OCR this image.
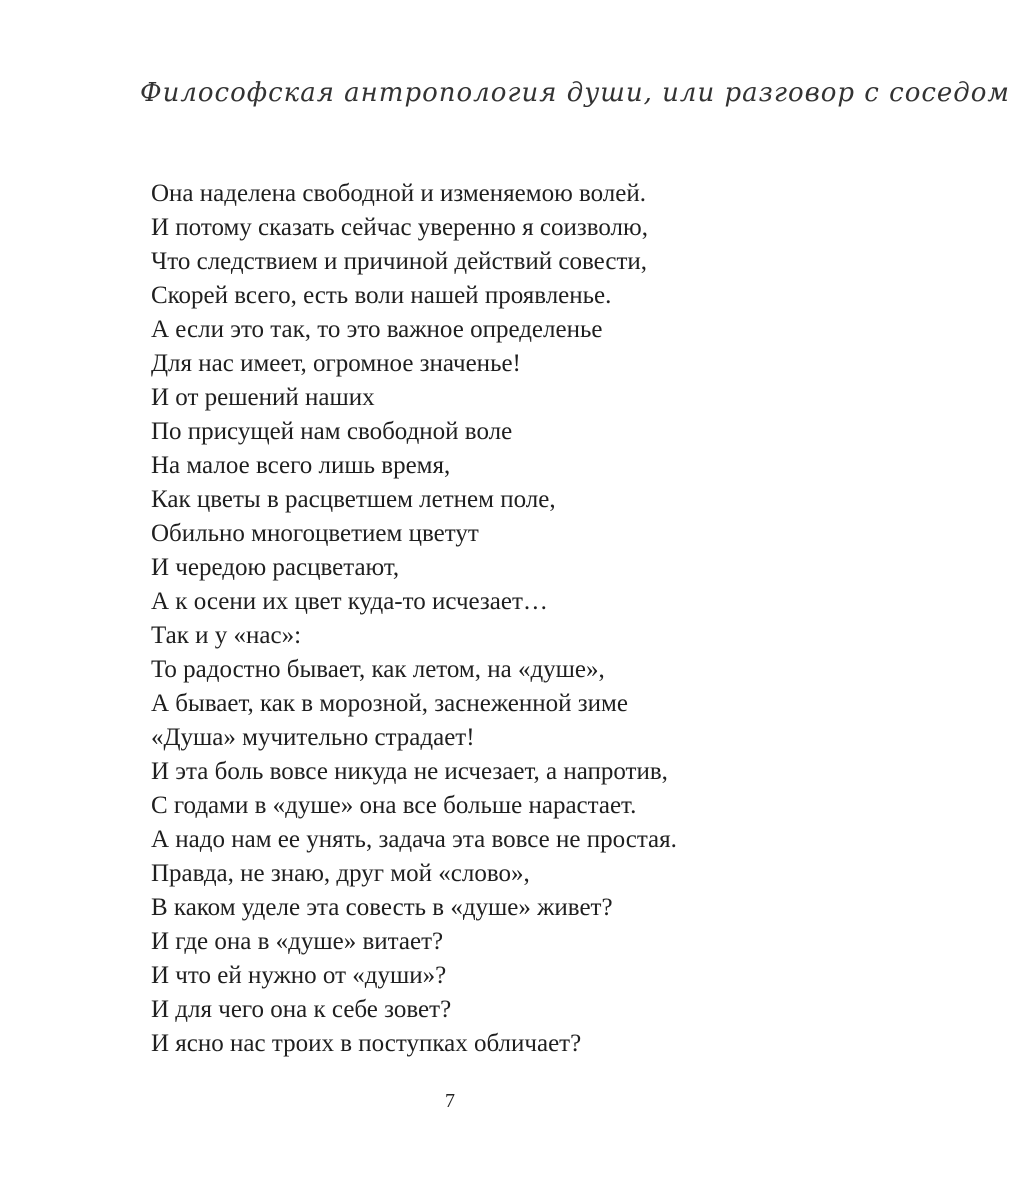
Философская антропология души, или разговор с соседом
Она наделена свободной и изменяемою волей.
И потому сказать сейчас уверенно я соизволю,
Что следствием и причиной действий совести,
Скорей всего, есть воли нашей проявленье.
А если это так, то это важное определенье
Для нас имеет, огромное значенье!
И от решений наших
По присущей нам свободной воле
На малое всего лишь время,
Как цветы в расцветшем летнем поле,
Обильно многоцветием цветут
И чередою расцветают,
А к осени их цвет куда-то исчезает…
Так и у «нас»:
То радостно бывает, как летом, на «душе»,
А бывает, как в морозной, заснеженной зиме
«Душа» мучительно страдает!
И эта боль вовсе никуда не исчезает, а напротив,
С годами в «душе» она все больше нарастает.
А надо нам ее унять, задача эта вовсе не простая.
Правда, не знаю, друг мой «слово»,
В каком уделе эта совесть в «душе» живет?
И где она в «душе» витает?
И что ей нужно от «души»?
И для чего она к себе зовет?
И ясно нас троих в поступках обличает?
7
